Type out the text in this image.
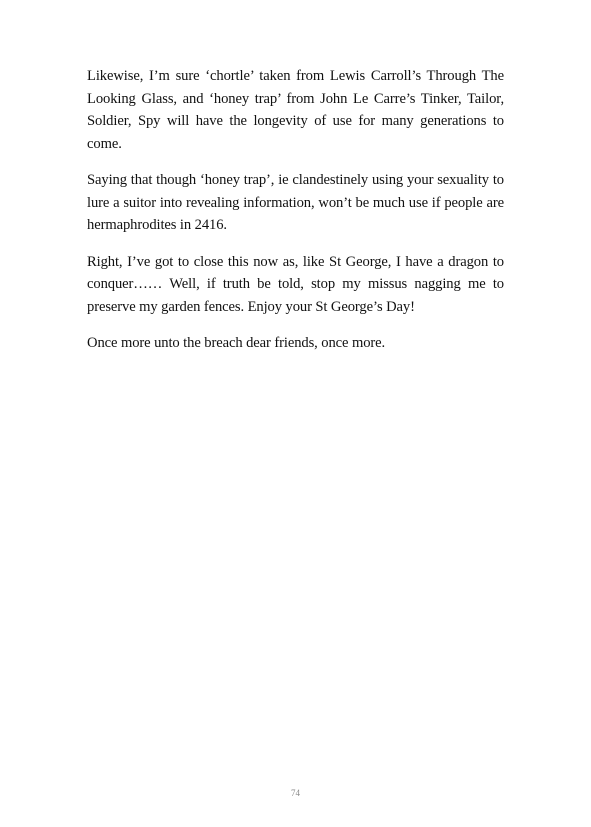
Likewise, I’m sure ‘chortle’ taken from Lewis Carroll’s Through The Looking Glass, and ‘honey trap’ from John Le Carre’s Tinker, Tailor, Soldier, Spy will have the longevity of use for many generations to come.

Saying that though ‘honey trap’, ie clandestinely using your sexuality to lure a suitor into revealing information, won’t be much use if people are hermaphrodites in 2416.

Right, I’ve got to close this now as, like St George, I have a dragon to conquer…… Well, if truth be told, stop my missus nagging me to preserve my garden fences. Enjoy your St George’s Day!

Once more unto the breach dear friends, once more.

74
